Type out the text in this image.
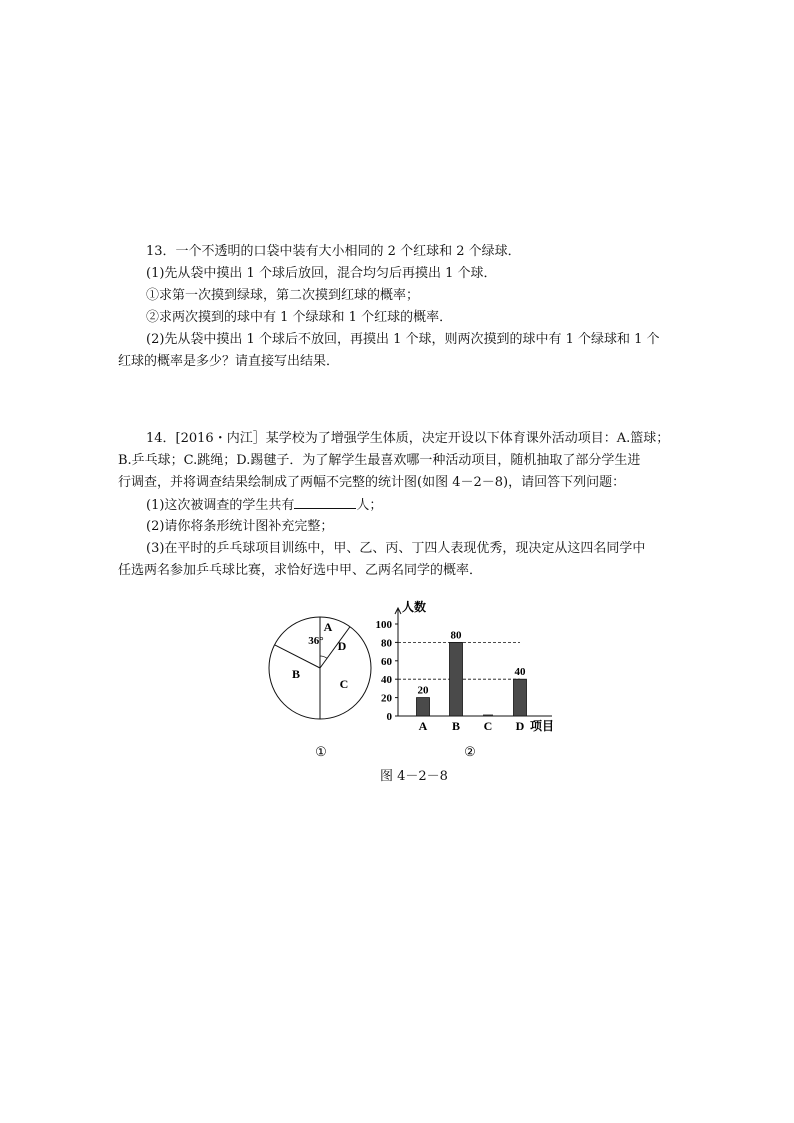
13．一个不透明的口袋中装有大小相同的 2 个红球和 2 个绿球．
(1)先从袋中摸出 1 个球后放回，混合均匀后再摸出 1 个球．
①求第一次摸到绿球，第二次摸到红球的概率；
②求两次摸到的球中有 1 个绿球和 1 个红球的概率．
(2)先从袋中摸出 1 个球后不放回，再摸出 1 个球，则两次摸到的球中有 1 个绿球和 1 个
红球的概率是多少？请直接写出结果．
14．[2016・内江］某学校为了增强学生体质，决定开设以下体育课外活动项目：A.篮球；
B.乒乓球；C.跳绳；D.踢毽子．为了解学生最喜欢哪一种活动项目，随机抽取了部分学生进
行调查，并将调查结果绘制成了两幅不完整的统计图(如图 4－2－8)，请回答下列问题：
(1)这次被调查的学生共有	人；
(2)请你将条形统计图补充完整；
(3)在平时的乒乓球项目训练中，甲、乙、丙、丁四人表现优秀，现决定从这四名同学中
任选两名参加乒乓球比赛，求恰好选中甲、乙两名同学的概率．
A
B
C
D
36°
人数
0
20
40
60
80
100
20
A
80
B C
40
D 项目
①	②
图 4－2－8
